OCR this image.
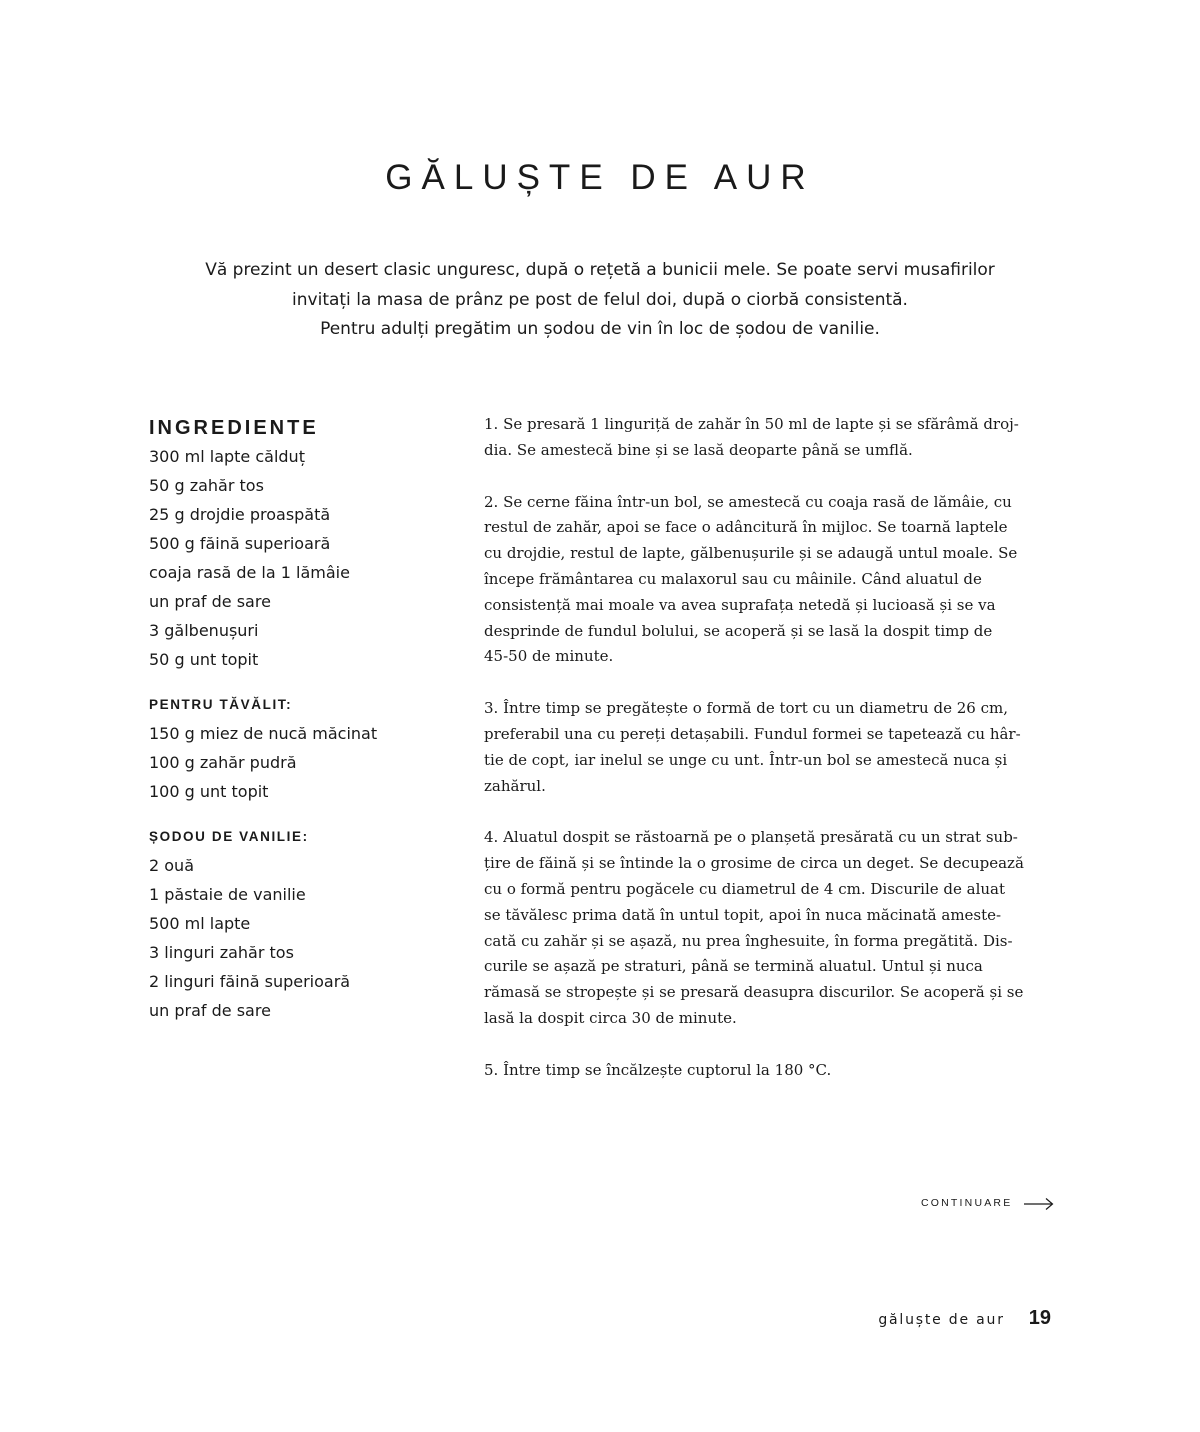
GĂLUȘTE DE AUR
Vă prezint un desert clasic unguresc, după o rețetă a bunicii mele. Se poate servi musafirilor
invitați la masa de prânz pe post de felul doi, după o ciorbă consistentă.
Pentru adulți pregătim un șodou de vin în loc de șodou de vanilie.
INGREDIENTE
300 ml lapte călduț
50 g zahăr tos
25 g drojdie proaspătă
500 g făină superioară
coaja rasă de la 1 lămâie
un praf de sare
3 gălbenușuri
50 g unt topit
PENTRU TĂVĂLIT:
150 g miez de nucă măcinat
100 g zahăr pudră
100 g unt topit
ȘODOU DE VANILIE:
2 ouă
1 păstaie de vanilie
500 ml lapte
3 linguri zahăr tos
2 linguri făină superioară
un praf de sare
1. Se presară 1 linguriță de zahăr în 50 ml de lapte și se sfărâmă droj-
dia. Se amestecă bine și se lasă deoparte până se umflă.
2. Se cerne făina într-un bol, se amestecă cu coaja rasă de lămâie, cu
restul de zahăr, apoi se face o adâncitură în mijloc. Se toarnă laptele
cu drojdie, restul de lapte, gălbenușurile și se adaugă untul moale. Se
începe frământarea cu malaxorul sau cu mâinile. Când aluatul de
consistență mai moale va avea suprafața netedă și lucioasă și se va
desprinde de fundul bolului, se acoperă și se lasă la dospit timp de
45-50 de minute.
3. Între timp se pregătește o formă de tort cu un diametru de 26 cm,
preferabil una cu pereți detașabili. Fundul formei se tapetează cu hâr-
tie de copt, iar inelul se unge cu unt. Într-un bol se amestecă nuca și
zahărul.
4. Aluatul dospit se răstoarnă pe o planșetă presărată cu un strat sub-
țire de făină și se întinde la o grosime de circa un deget. Se decupează
cu o formă pentru pogăcele cu diametrul de 4 cm. Discurile de aluat
se tăvălesc prima dată în untul topit, apoi în nuca măcinată ameste-
cată cu zahăr și se așază, nu prea înghesuite, în forma pregătită. Dis-
curile se așază pe straturi, până se termină aluatul. Untul și nuca
rămasă se stropește și se presară deasupra discurilor. Se acoperă și se
lasă la dospit circa 30 de minute.
5. Între timp se încălzește cuptorul la 180 °C.
CONTINUARE
găluște de aur 19
